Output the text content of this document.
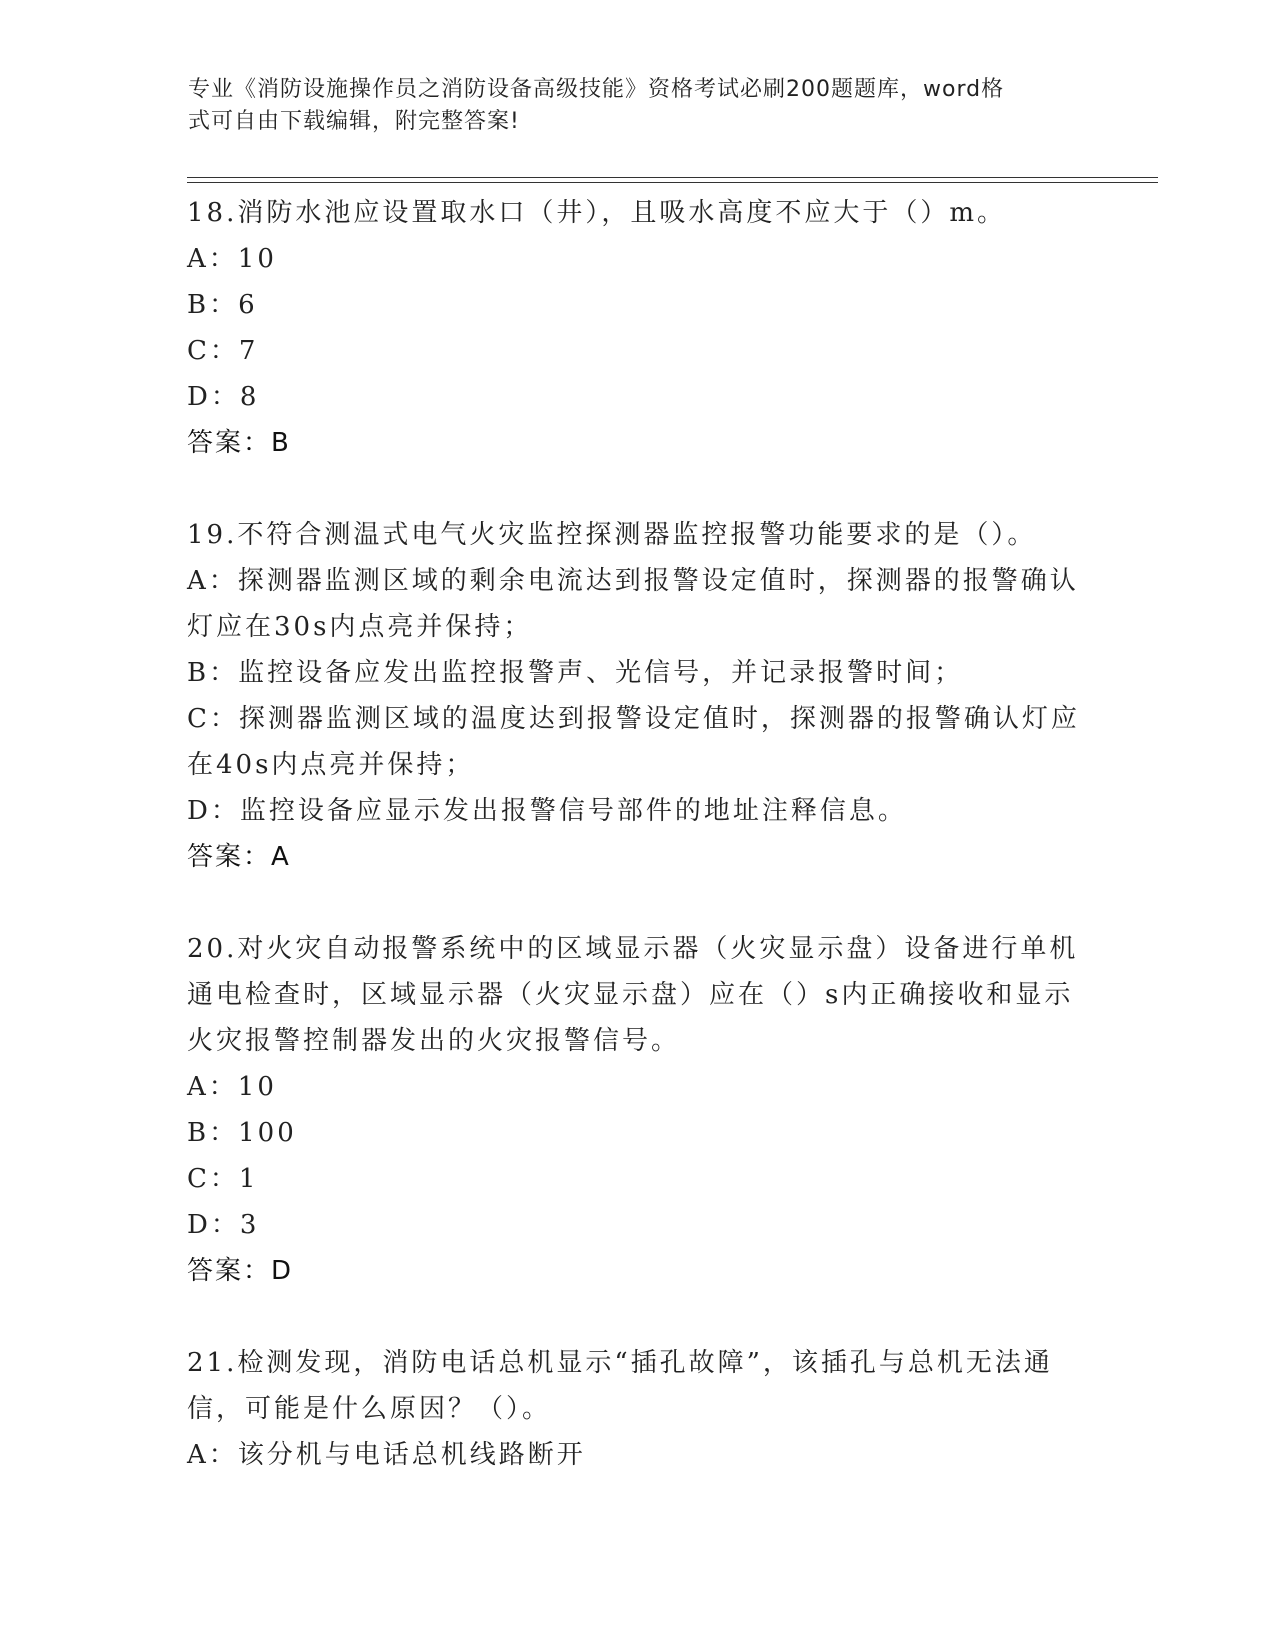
专业《消防设施操作员之消防设备高级技能》资格考试必刷200题题库，word格
式可自由下载编辑，附完整答案!
18.消防水池应设置取水口（井），且吸水高度不应大于（）m。
A：10
B：6
C：7
D：8
答案：B
19.不符合测温式电气火灾监控探测器监控报警功能要求的是（）。
A：探测器监测区域的剩余电流达到报警设定值时，探测器的报警确认
灯应在30s内点亮并保持；
B：监控设备应发出监控报警声、光信号，并记录报警时间；
C：探测器监测区域的温度达到报警设定值时，探测器的报警确认灯应
在40s内点亮并保持；
D：监控设备应显示发出报警信号部件的地址注释信息。
答案：A
20.对火灾自动报警系统中的区域显示器（火灾显示盘）设备进行单机
通电检查时，区域显示器（火灾显示盘）应在（）s内正确接收和显示
火灾报警控制器发出的火灾报警信号。
A：10
B：100
C：1
D：3
答案：D
21.检测发现，消防电话总机显示“插孔故障”，该插孔与总机无法通
信，可能是什么原因？（）。
A：该分机与电话总机线路断开
